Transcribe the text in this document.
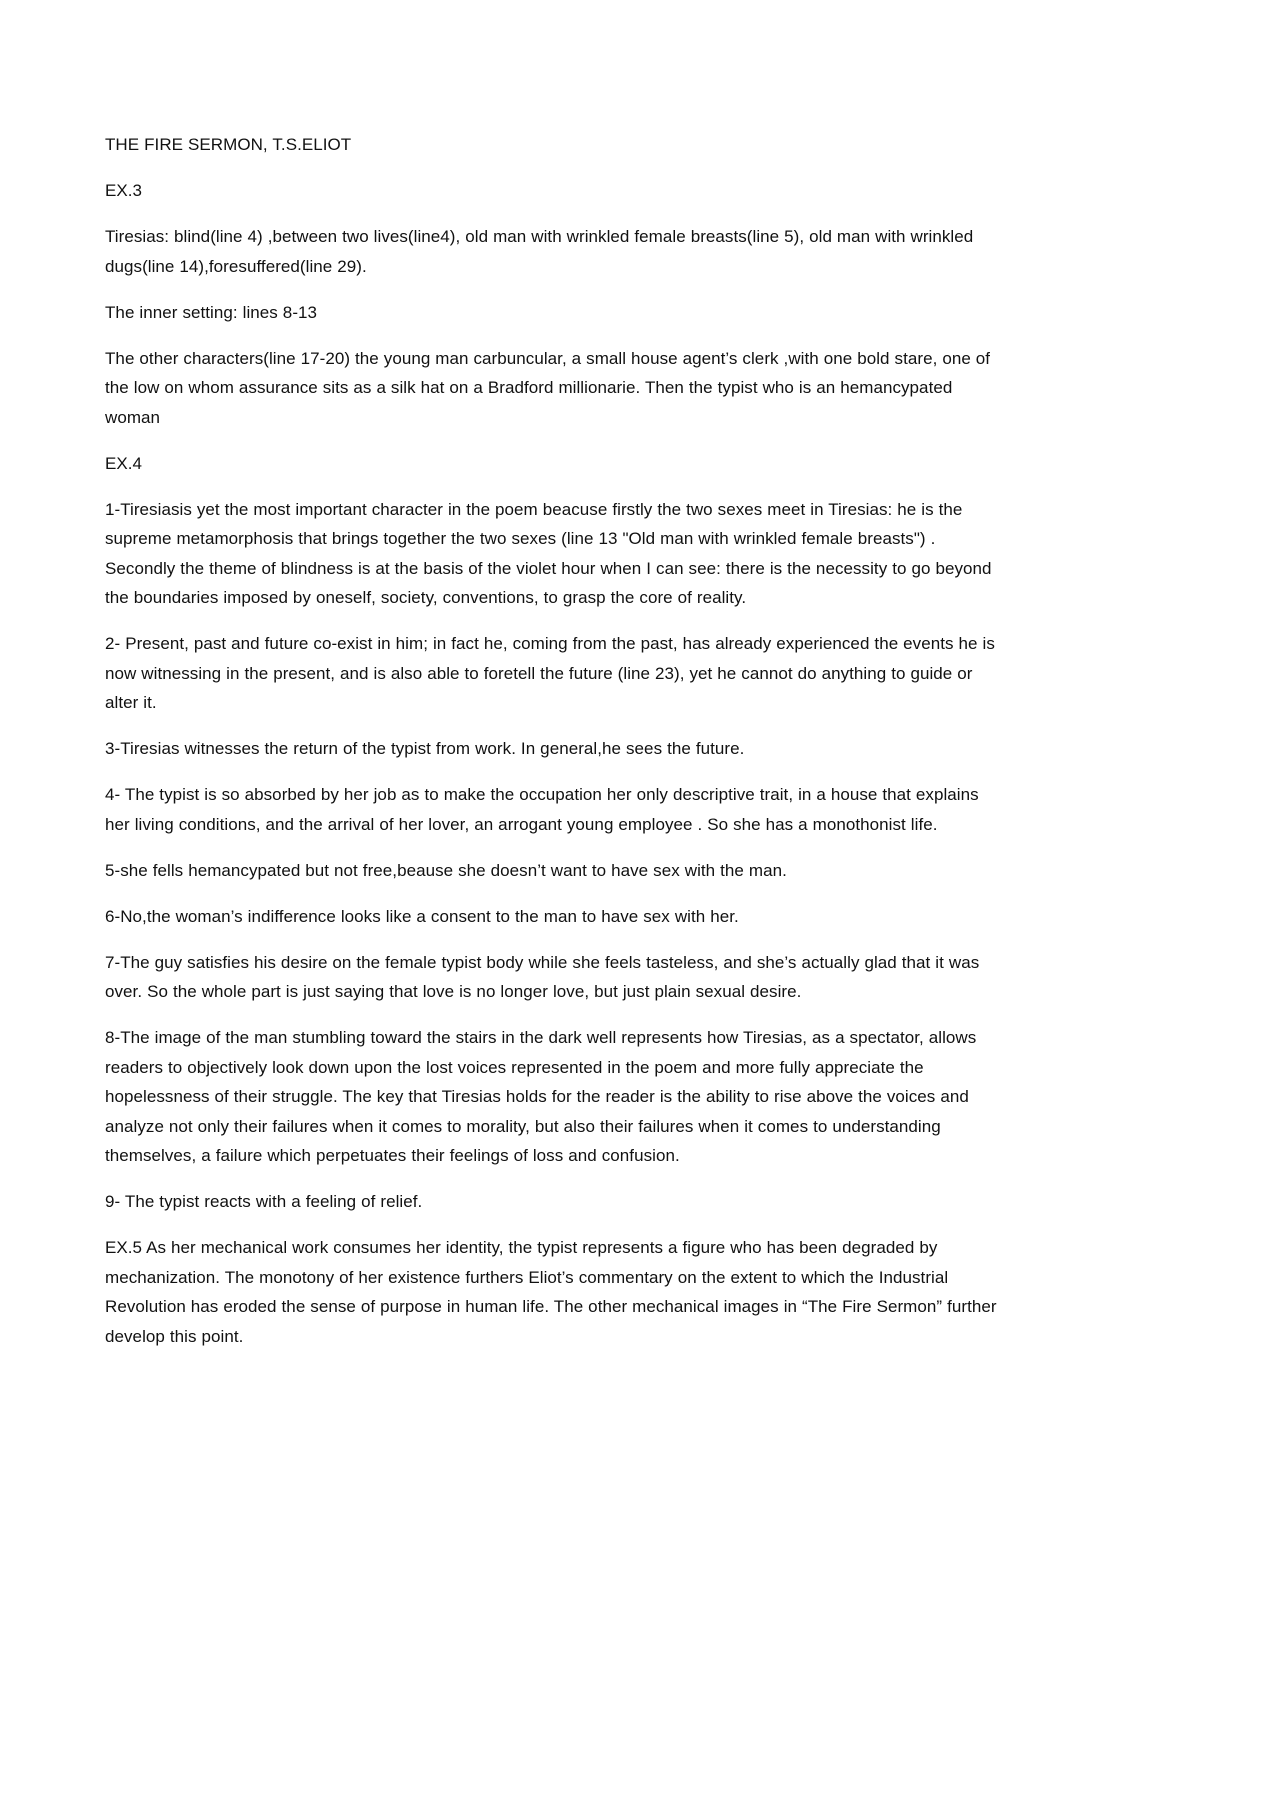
THE FIRE SERMON, T.S.ELIOT

EX.3

Tiresias: blind(line 4) ,between two lives(line4), old man with wrinkled female breasts(line 5), old man with wrinkled dugs(line 14),foresuffered(line 29).

The inner setting: lines 8-13

The other characters(line 17-20) the young man carbuncular, a small house agent’s clerk ,with one bold stare, one of the low on whom assurance sits as a silk hat on a Bradford millionarie. Then the typist who is an hemancypated woman

EX.4

1-Tiresiasis yet the most important character in the poem beacuse firstly the two sexes meet in Tiresias: he is the supreme metamorphosis that brings together the two sexes (line 13 "Old man with wrinkled female breasts") . Secondly the theme of blindness is at the basis of the violet hour when I can see: there is the necessity to go beyond the boundaries imposed by oneself, society, conventions, to grasp the core of reality.

2- Present, past and future co-exist in him; in fact he, coming from the past, has already experienced the events he is now witnessing in the present, and is also able to foretell the future (line 23), yet he cannot do anything to guide or alter it.

3-Tiresias witnesses the return of the typist from work. In general,he sees the future.

4- The typist is so absorbed by her job as to make the occupation her only descriptive trait, in a house that explains her living conditions, and the arrival of her lover, an arrogant young employee . So she has a monothonist life.

5-she fells hemancypated but not free,beause she doesn’t want to have sex with the man.

6-No,the woman’s indifference looks like a consent to the man to have sex with her.

7-The guy satisfies his desire on the female typist body while she feels tasteless, and she’s actually glad that it was over. So the whole part is just saying that love is no longer love, but just plain sexual desire.

8-The image of the man stumbling toward the stairs in the dark well represents how Tiresias, as a spectator, allows readers to objectively look down upon the lost voices represented in the poem and more fully appreciate the hopelessness of their struggle. The key that Tiresias holds for the reader is the ability to rise above the voices and analyze not only their failures when it comes to morality, but also their failures when it comes to understanding themselves, a failure which perpetuates their feelings of loss and confusion.

9- The typist reacts with a feeling of relief.

EX.5 As her mechanical work consumes her identity, the typist represents a figure who has been degraded by mechanization. The monotony of her existence furthers Eliot’s commentary on the extent to which the Industrial Revolution has eroded the sense of purpose in human life. The other mechanical images in “The Fire Sermon” further develop this point.
